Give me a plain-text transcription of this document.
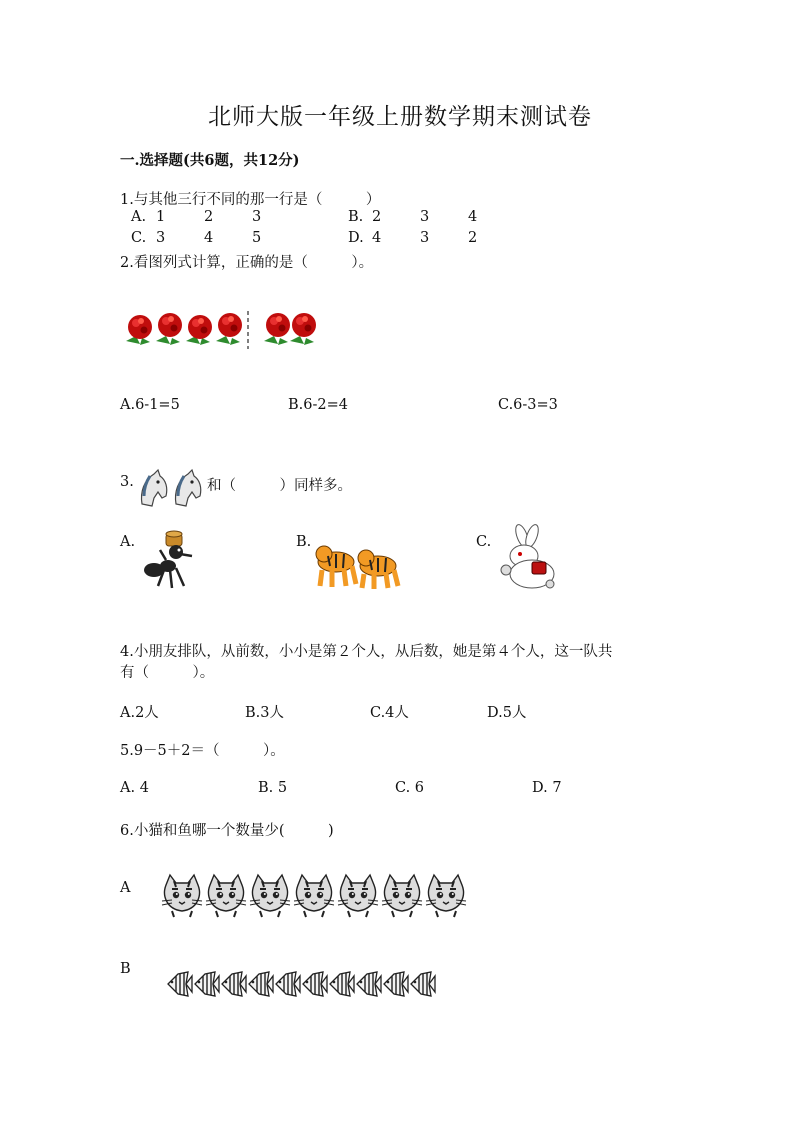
北师大版一年级上册数学期末测试卷
一.选择题(共6题，共12分)
1.与其他三行不同的那一行是（　　　）
A. 1	2	3	B. 2	3	4
C. 3	4	5	D. 4	3	2
2.看图列式计算，正确的是（　　　）。
A.6-1=5	B.6-2=4	C.6-3=3
3.	和（　　　）同样多。
A.	B.	C.
4.小朋友排队，从前数，小小是第２个人，从后数，她是第４个人，这一队共
有（　　　）。
A.2人	B.3人	C.4人	D.5人
5.9－5＋2＝（　　　）。
A. 4	B. 5	C. 6	D. 7
6.小猫和鱼哪一个数量少(　　　)
A
B
